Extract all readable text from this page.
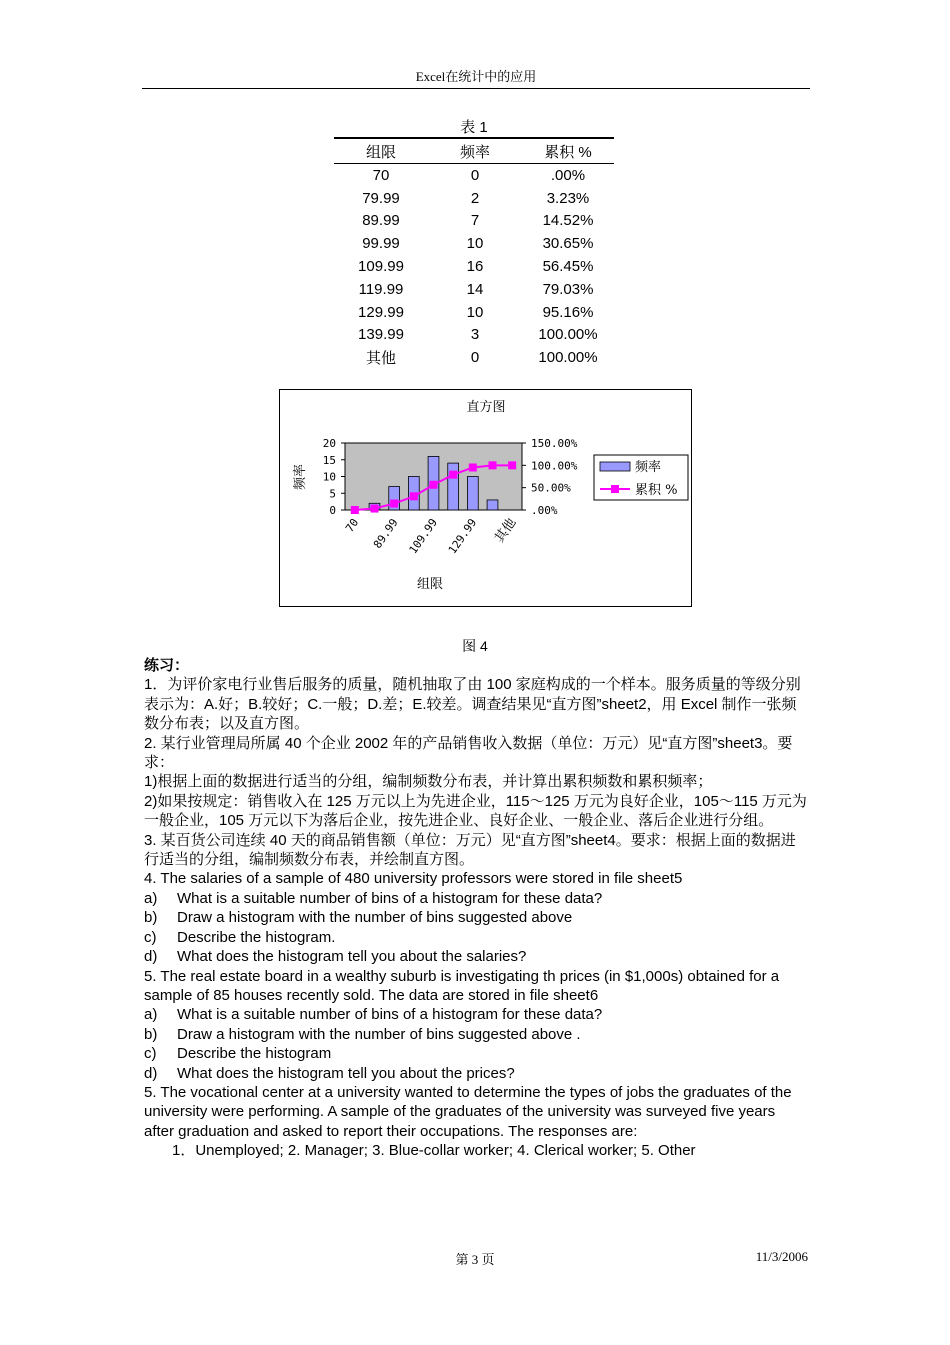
Excel在统计中的应用
表 1
组限	频率	累积 %
70	0	.00%
79.99	2	3.23%
89.99	7	14.52%
99.99	10	30.65%
109.99	16	56.45%
119.99	14	79.03%
129.99	10	95.16%
139.99	3	100.00%
其他	0	100.00%
直方图
20
15
10
5
0
150.00%
100.00%
50.00%
.00%
频率
70 89.99 109.99 129.99 其他
组限
频率
累积 %
图 4

练习：

1．为评价家电行业售后服务的质量，随机抽取了由 100 家庭构成的一个样本。服务质量的等级分别表示为：A.好；B.较好；C.一般；D.差；E.较差。调查结果见“直方图”sheet2，用 Excel 制作一张频数分布表；以及直方图。

2. 某行业管理局所属 40 个企业 2002 年的产品销售收入数据（单位：万元）见“直方图”sheet3。要求：

1)根据上面的数据进行适当的分组，编制频数分布表，并计算出累积频数和累积频率；

2)如果按规定：销售收入在 125 万元以上为先进企业，115～125 万元为良好企业，105～115 万元为一般企业，105 万元以下为落后企业，按先进企业、良好企业、一般企业、落后企业进行分组。

3. 某百货公司连续 40 天的商品销售额（单位：万元）见“直方图”sheet4。要求：根据上面的数据进行适当的分组，编制频数分布表，并绘制直方图。

4. The salaries of a sample of 480 university professors were stored in file sheet5

a)	What is a suitable number of bins of a histogram for these data?
b)	Draw a histogram with the number of bins suggested above
c)	Describe the histogram.
d)	What does the histogram tell you about the salaries?

5. The real estate board in a wealthy suburb is investigating th prices (in $1,000s) obtained for a sample of 85 houses recently sold. The data are stored in file sheet6

a)	What is a suitable number of bins of a histogram for these data?
b)	Draw a histogram with the number of bins suggested above .
c)	Describe the histogram
d)	What does the histogram tell you about the prices?

5. The vocational center at a university wanted to determine the types of jobs the graduates of the university were performing. A sample of the graduates of the university was surveyed five years after graduation and asked to report their occupations. The responses are:

1．Unemployed; 2. Manager; 3. Blue-collar worker; 4. Clerical worker; 5. Other

第 3 页	11/3/2006
